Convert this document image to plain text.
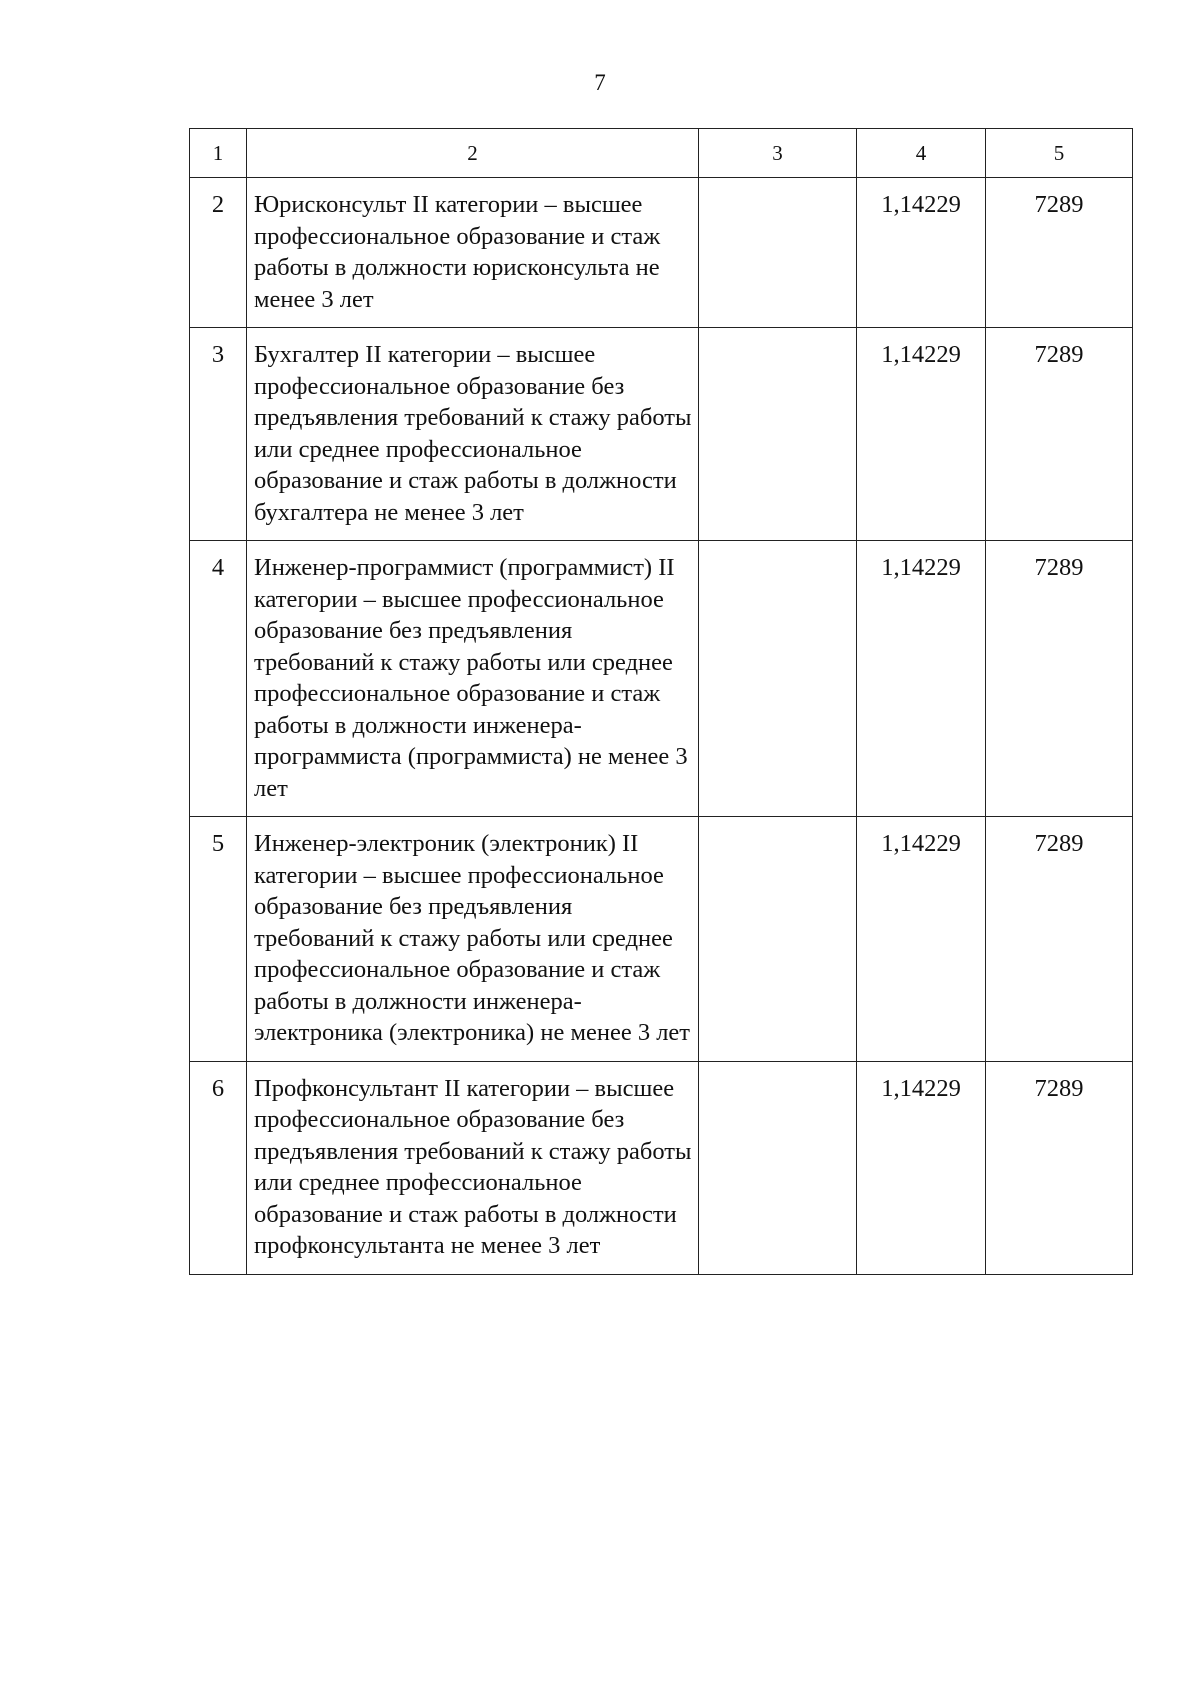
7
1	2	3	4	5
2	Юрисконсульт II категории – высшее профессиональное образование и стаж работы в должности юрисконсульта не менее 3 лет		1,14229	7289
3	Бухгалтер II категории – высшее профессиональное образование без предъявления требований к стажу работы или среднее профессиональное образование и стаж работы в должности бухгалтера не менее 3 лет		1,14229	7289
4	Инженер-программист (программист) II категории – высшее профессиональное образование без предъявления требований к стажу работы или среднее профессиональное образование и стаж работы в должности инженера-программиста (программиста) не менее 3 лет		1,14229	7289
5	Инженер-электроник (электроник) II категории – высшее профессиональное образование без предъявления требований к стажу работы или среднее профессиональное образование и стаж работы в должности инженера-электроника (электроника) не менее 3 лет		1,14229	7289
6	Профконсультант II категории – высшее профессиональное образование без предъявления требований к стажу работы или среднее профессиональное образование и стаж работы в должности профконсультанта не менее 3 лет		1,14229	7289
